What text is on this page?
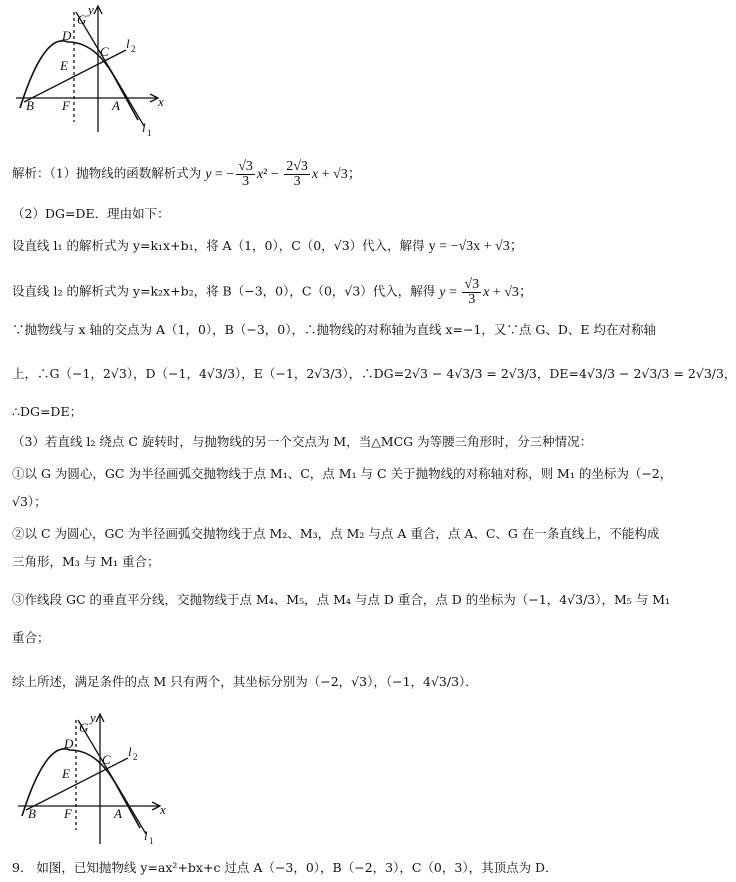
y
x
D
G
C
l 2
E
B F	A
l 1
解析：（1）抛物线的函数解析式为 y = − $\frac{√3}{3} x^2 - \frac{2√3}{3}$ x + √3；
（2）DG=DE．理由如下：
设直线 l₁ 的解析式为 y=k₁x+b₁，将 A（1，0），C（0，√3）代入，解得 y = −√3x + √3；
设直线 l₂ 的解析式为 y=k₂x+b₂，将 B（−3，0），C（0，√3）代入，解得 $y = \frac{√3}{3}$ x + √3；
∵抛物线与 x 轴的交点为 A（1，0），B（−3，0），∴抛物线的对称轴为直线 x=−1，又∵点 G、D、E 均在对称轴
上，∴G（−1，2√3），D（−1，4√3/3），E（−1，2√3/3），∴DG=2√3 − 4√3/3 = 2√3/3，DE=4√3/3 − 2√3/3 = 2√3/3，
∴DG=DE；
（3）若直线 l₂ 绕点 C 旋转时，与抛物线的另一个交点为 M，当△MCG 为等腰三角形时，分三种情况：
①以 G 为圆心，GC 为半径画弧交抛物线于点 M₁、C，点 M₁ 与 C 关于抛物线的对称轴对称，则 M₁ 的坐标为（−2，
√3）；
②以 C 为圆心，GC 为半径画弧交抛物线于点 M₂、M₃，点 M₂ 与点 A 重合，点 A、C、G 在一条直线上，不能构成
三角形，M₃ 与 M₁ 重合；
③作线段 GC 的垂直平分线，交抛物线于点 M₄、M₅，点 M₄ 与点 D 重合，点 D 的坐标为（−1，4√3/3），M₅ 与 M₁
重合；
综上所述，满足条件的点 M 只有两个，其坐标分别为（−2，√3），（−1，4√3/3）．
y
x
D
G
C
l 2
E
B F	A
l 1
9． 如图，已知抛物线 y=ax²+bx+c 过点 A（−3，0），B（−2，3），C（0，3），其顶点为 D．
